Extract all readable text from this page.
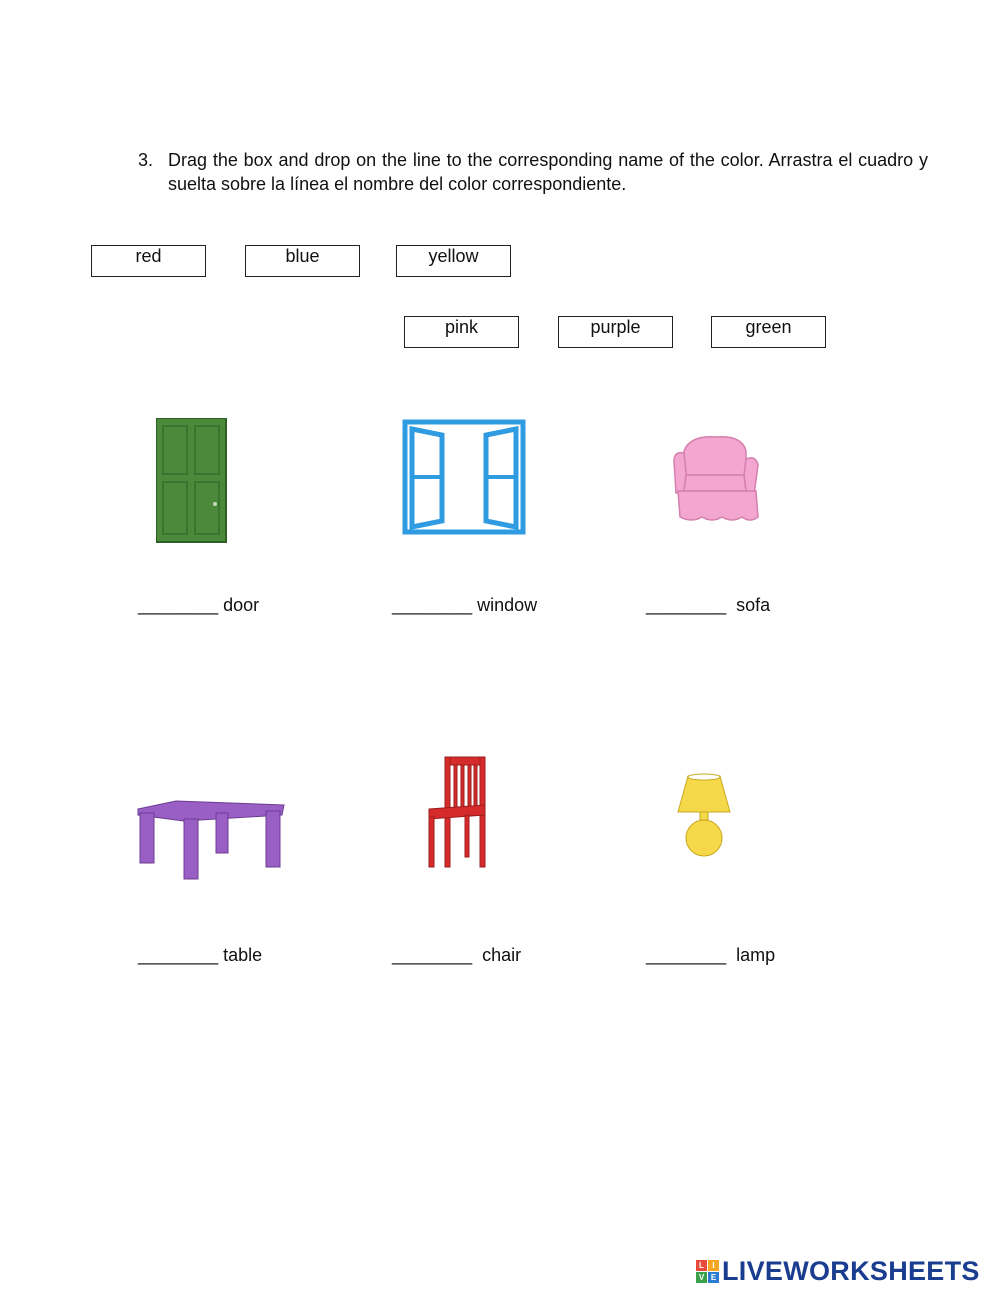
3. Drag the box and drop on the line to the corresponding name of the color. Arrastra el cuadro y suelta sobre la línea el nombre del color correspondiente.
red	blue	yellow
pink	purple	green
________ door	________ window	________ sofa
________ table	________ chair	________ lamp
L	I
V E LIVEWORKSHEETS
